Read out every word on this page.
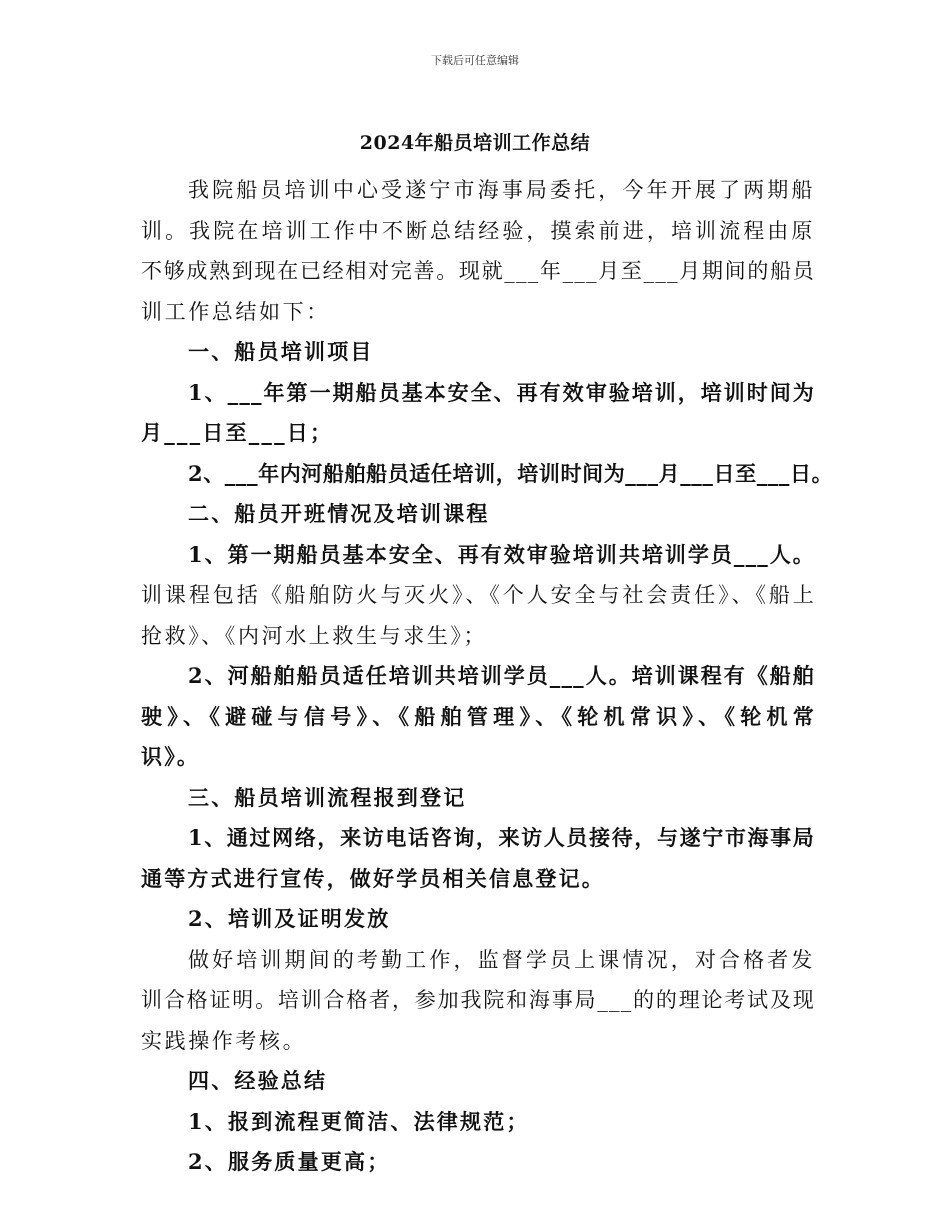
下载后可任意编辑
2024年船员培训工作总结
我院船员培训中心受遂宁市海事局委托，今年开展了两期船
训。我院在培训工作中不断总结经验，摸索前进，培训流程由原
不够成熟到现在已经相对完善。现就___年___月至___月期间的船员
训工作总结如下：
一、船员培训项目
1、___年第一期船员基本安全、再有效审验培训，培训时间为
月___日至___日；
2、___年内河船舶船员适任培训，培训时间为___月___日至___日。
二、船员开班情况及培训课程
1、第一期船员基本安全、再有效审验培训共培训学员___人。
训课程包括《船舶防火与灭火》、《个人安全与社会责任》、《船上
抢救》、《内河水上救生与求生》；
2、河船舶船员适任培训共培训学员___人。培训课程有《船舶
驶》、《避碰与信号》、《船舶管理》、《轮机常识》、《轮机常
识》。
三、船员培训流程报到登记
1、通过网络，来访电话咨询，来访人员接待，与遂宁市海事局
通等方式进行宣传，做好学员相关信息登记。
2、培训及证明发放
做好培训期间的考勤工作，监督学员上课情况，对合格者发
训合格证明。培训合格者，参加我院和海事局___的的理论考试及现
实践操作考核。
四、经验总结
1、报到流程更简洁、法律规范；
2、服务质量更高；
